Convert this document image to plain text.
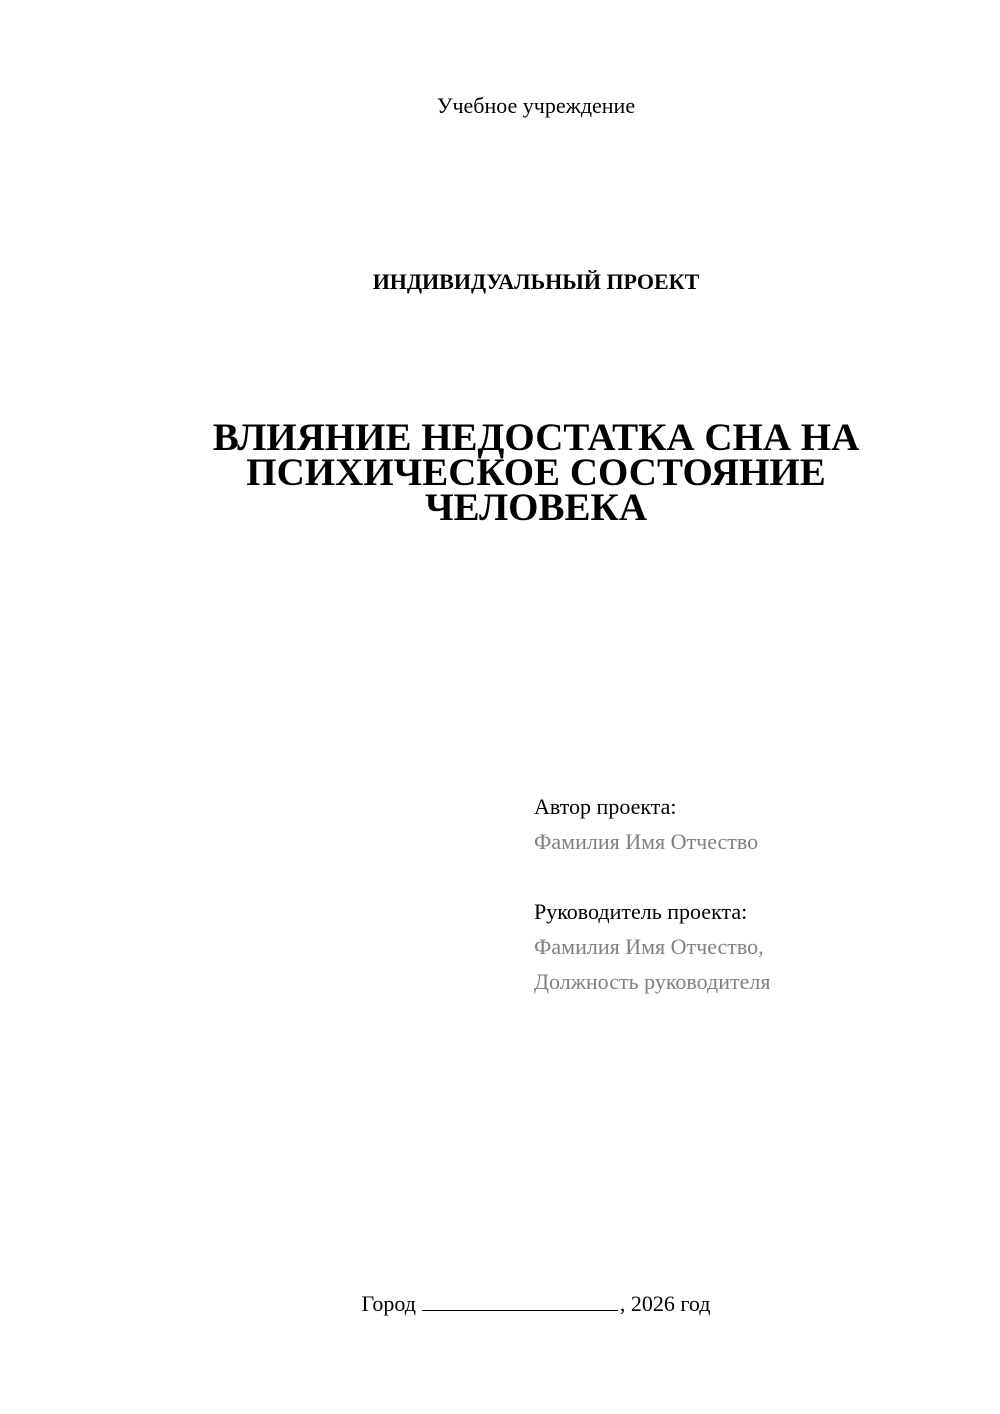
Учебное учреждение
ИНДИВИДУАЛЬНЫЙ ПРОЕКТ
ВЛИЯНИЕ НЕДОСТАТКА СНА НА
ПСИХИЧЕСКОЕ СОСТОЯНИЕ
ЧЕЛОВЕКА
Автор проекта:
Фамилия Имя Отчество
Руководитель проекта:
Фамилия Имя Отчество,
Должность руководителя
Город	, 2026 год
